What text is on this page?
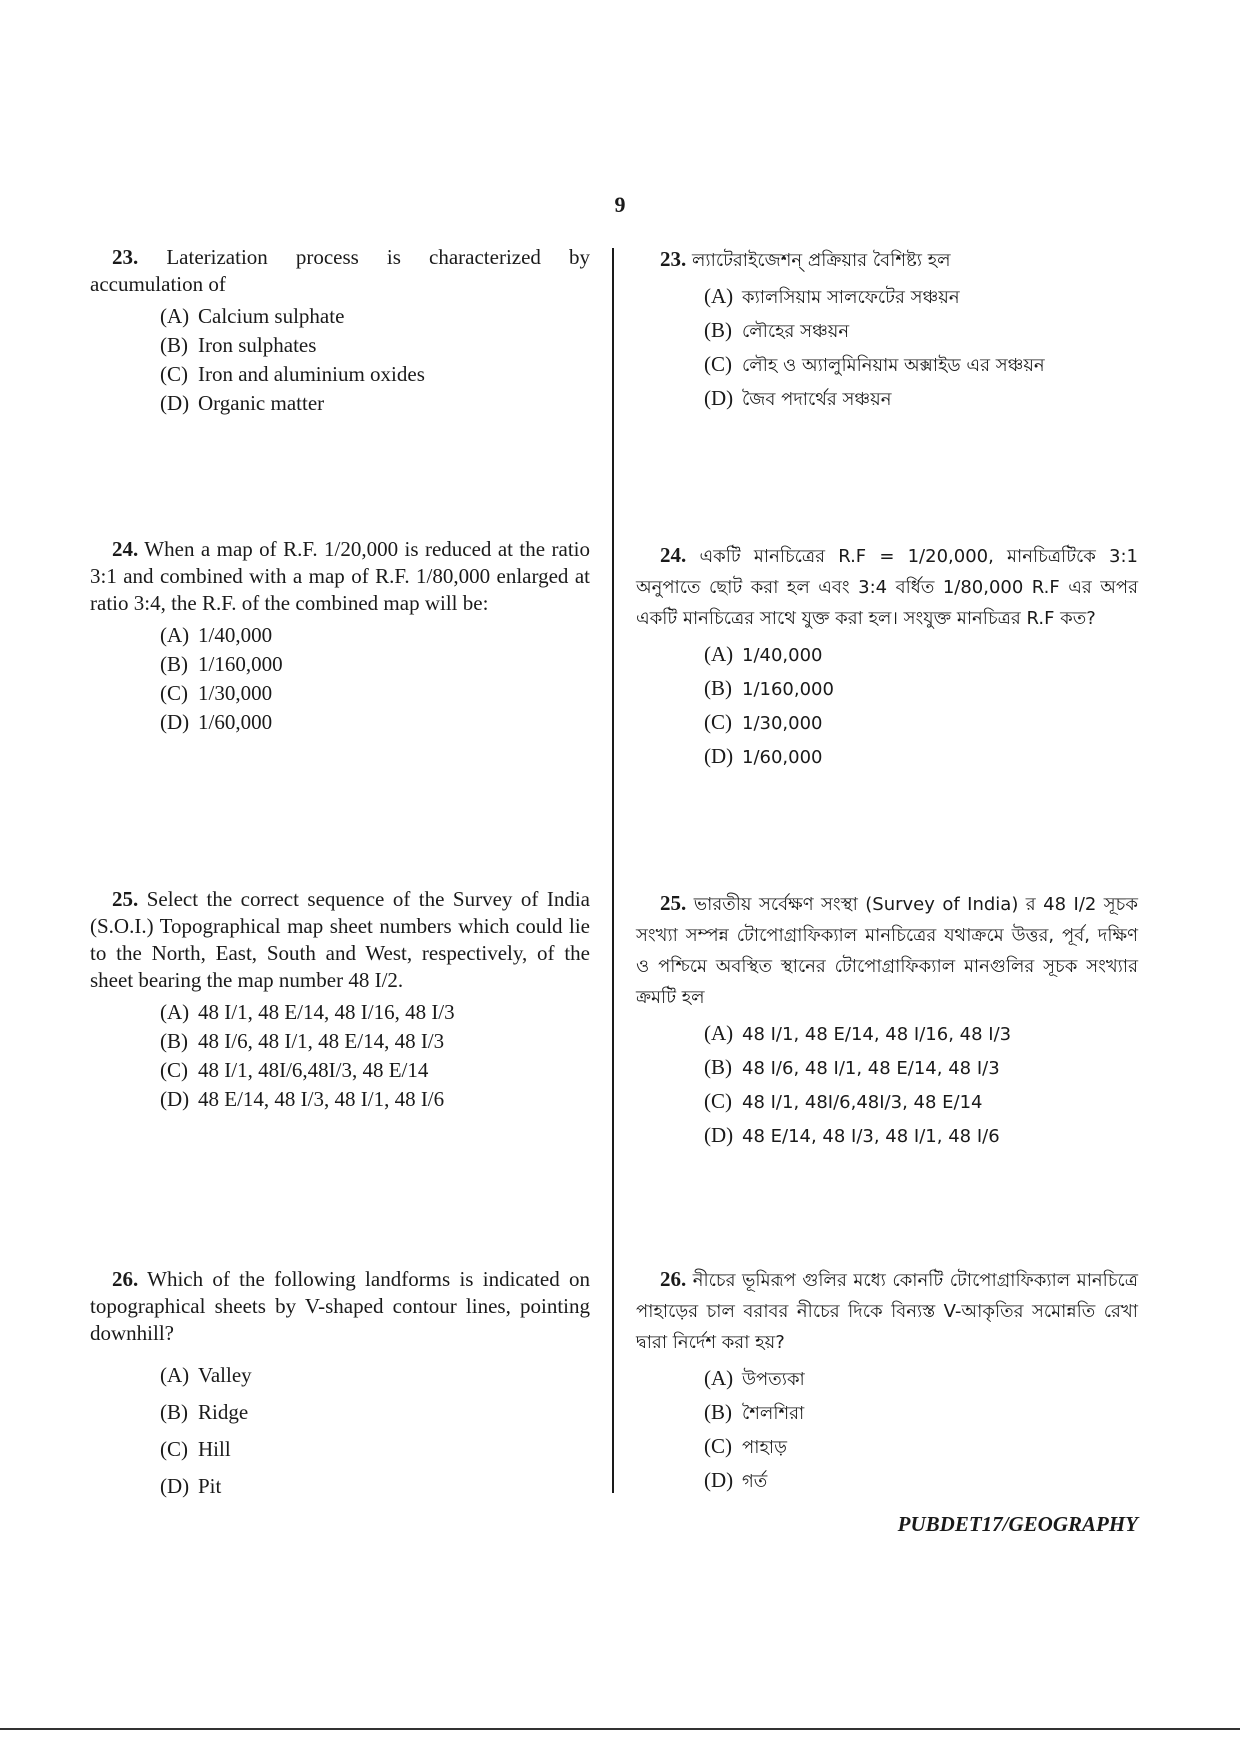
9

23. Laterization process is characterized by accumulation of

(A) Calcium sulphate
(B) Iron sulphates
(C) Iron and aluminium oxides
(D) Organic matter

24. When a map of R.F. 1/20,000 is reduced at the ratio 3:1 and combined with a map of R.F. 1/80,000 enlarged at ratio 3:4, the R.F. of the combined map will be:

(A) 1/40,000
(B) 1/160,000
(C) 1/30,000
(D) 1/60,000

25. Select the correct sequence of the Survey of India (S.O.I.) Topographical map sheet numbers which could lie to the North, East, South and West, respectively, of the sheet bearing the map number 48 I/2.

(A) 48 I/1, 48 E/14, 48 I/16, 48 I/3
(B) 48 I/6, 48 I/1, 48 E/14, 48 I/3
(C) 48 I/1, 48I/6,48I/3, 48 E/14
(D) 48 E/14, 48 I/3, 48 I/1, 48 I/6

26. Which of the following landforms is indicated on topographical sheets by V-shaped contour lines, pointing downhill?

(A) Valley
(B) Ridge
(C) Hill
(D) Pit

23. ল্যাটেরাইজেশন্ প্রক্রিয়ার বৈশিষ্ট্য হল

(A) ক্যালসিয়াম সালফেটের সঞ্চয়ন
(B) লৌহের সঞ্চয়ন
(C) লৌহ ও অ্যালুমিনিয়াম অক্সাইড এর সঞ্চয়ন
(D) জৈব পদার্থের সঞ্চয়ন

24. একটি মানচিত্রের R.F = 1/20,000, মানচিত্রটিকে 3:1 অনুপাতে ছোট করা হল এবং 3:4 বর্ধিত 1/80,000 R.F এর অপর একটি মানচিত্রের সাথে যুক্ত করা হল। সংযুক্ত মানচিত্রর R.F কত?

(A) 1/40,000
(B) 1/160,000
(C) 1/30,000
(D) 1/60,000

25. ভারতীয় সর্বেক্ষণ সংস্থা (Survey of India) র 48 I/2 সূচক সংখ্যা সম্পন্ন টোপোগ্রাফিক্যাল মানচিত্রের যথাক্রমে উত্তর, পূর্ব, দক্ষিণ ও পশ্চিমে অবস্থিত স্থানের টোপোগ্রাফিক্যাল মানগুলির সূচক সংখ্যার ক্রমটি হল

(A) 48 I/1, 48 E/14, 48 I/16, 48 I/3
(B) 48 I/6, 48 I/1, 48 E/14, 48 I/3
(C) 48 I/1, 48I/6,48I/3, 48 E/14
(D) 48 E/14, 48 I/3, 48 I/1, 48 I/6

26. নীচের ভূমিরূপ গুলির মধ্যে কোনটি টোপোগ্রাফিক্যাল মানচিত্রে পাহাড়ের চাল বরাবর নীচের দিকে বিন্যস্ত V-আকৃতির সমোন্নতি রেখা দ্বারা নির্দেশ করা হয়?

(A) উপত্যকা
(B) শৈলশিরা
(C) পাহাড়
(D) গর্ত
PUBDET17/GEOGRAPHY
